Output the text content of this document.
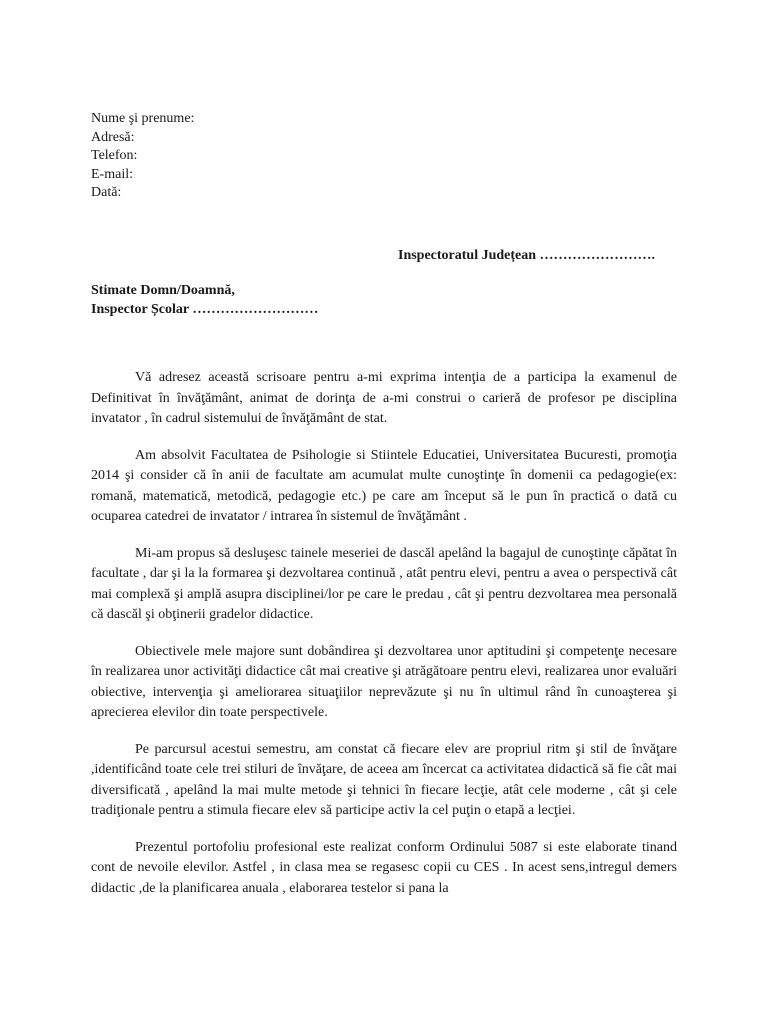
Nume şi prenume:
Adresă:
Telefon:
E-mail:
Dată:
Inspectoratul Județean …………………….
Stimate Domn/Doamnă,
Inspector Școlar ………………………

Vă adresez această scrisoare pentru a-mi exprima intenţia de a participa la examenul de Definitivat în învăţământ, animat de dorinţa de a-mi construi o carieră de profesor pe disciplina invatator , în cadrul sistemului de învăţământ de stat.

Am absolvit Facultatea de Psihologie si Stiintele Educatiei, Universitatea Bucuresti, promoţia 2014 şi consider că în anii de facultate am acumulat multe cunoştinţe în domenii ca pedagogie(ex: romană, matematică, metodică, pedagogie etc.) pe care am început să le pun în practică o dată cu ocuparea catedrei de invatator / intrarea în sistemul de învăţământ .

Mi-am propus să desluşesc tainele meseriei de dascăl apelând la bagajul de cunoştinţe căpătat în facultate , dar şi la la formarea şi dezvoltarea continuă , atât pentru elevi, pentru a avea o perspectivă cât mai complexă şi amplă asupra disciplinei/lor pe care le predau , cât şi pentru dezvoltarea mea personală că dascăl şi obţinerii gradelor didactice.

Obiectivele mele majore sunt dobândirea şi dezvoltarea unor aptitudini şi competenţe necesare în realizarea unor activităţi didactice cât mai creative şi atrăgătoare pentru elevi, realizarea unor evaluări obiective, intervenţia şi ameliorarea situaţiilor neprevăzute şi nu în ultimul rând în cunoaşterea şi aprecierea elevilor din toate perspectivele.

Pe parcursul acestui semestru, am constat că fiecare elev are propriul ritm şi stil de învăţare ,identificând toate cele trei stiluri de învăţare, de aceea am încercat ca activitatea didactică să fie cât mai diversificată , apelând la mai multe metode şi tehnici în fiecare lecţie, atât cele moderne , cât şi cele tradiţionale pentru a stimula fiecare elev să participe activ la cel puţin o etapă a lecţiei.

Prezentul portofoliu profesional este realizat conform Ordinului 5087 si este elaborate tinand cont de nevoile elevilor. Astfel , in clasa mea se regasesc copii cu CES . In acest sens,intregul demers didactic ,de la planificarea anuala , elaborarea testelor si pana la
